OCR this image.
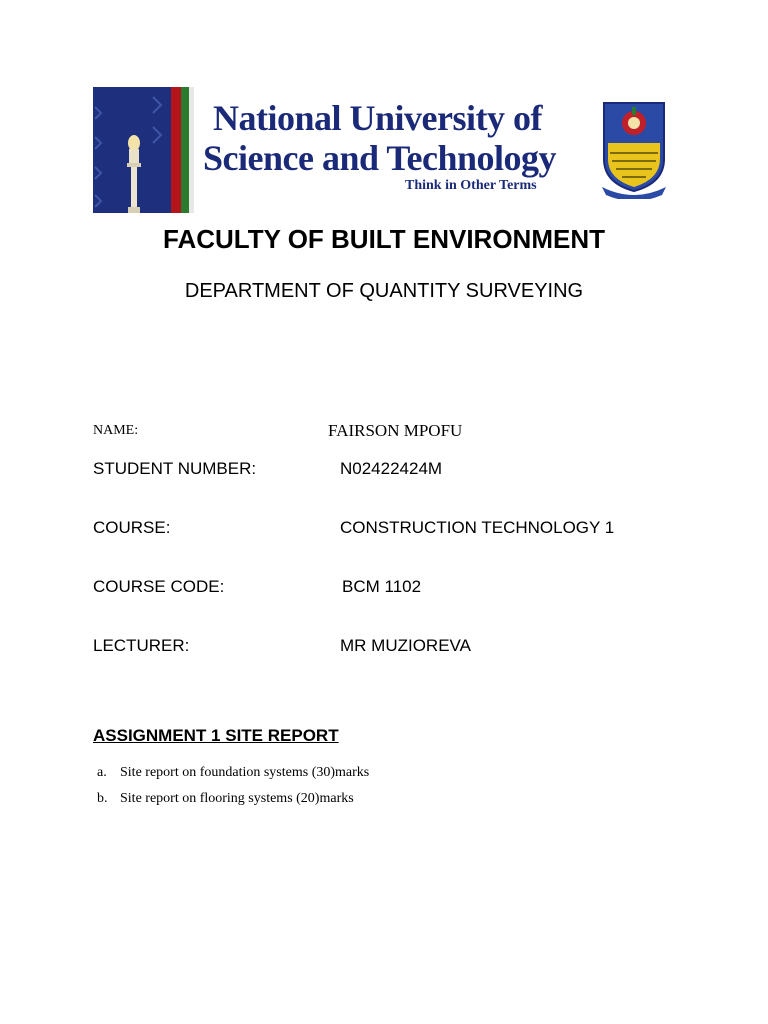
National University of
Science and Technology
Think in Other Terms
FACULTY OF BUILT ENVIRONMENT
DEPARTMENT OF QUANTITY SURVEYING
NAME:	FAIRSON MPOFU
STUDENT NUMBER:	N02422424M
COURSE:	CONSTRUCTION TECHNOLOGY 1
COURSE CODE:	BCM 1102
LECTURER:	MR MUZIOREVA
ASSIGNMENT 1 SITE REPORT
a. Site report on foundation systems (30)marks
b. Site report on flooring systems (20)marks
